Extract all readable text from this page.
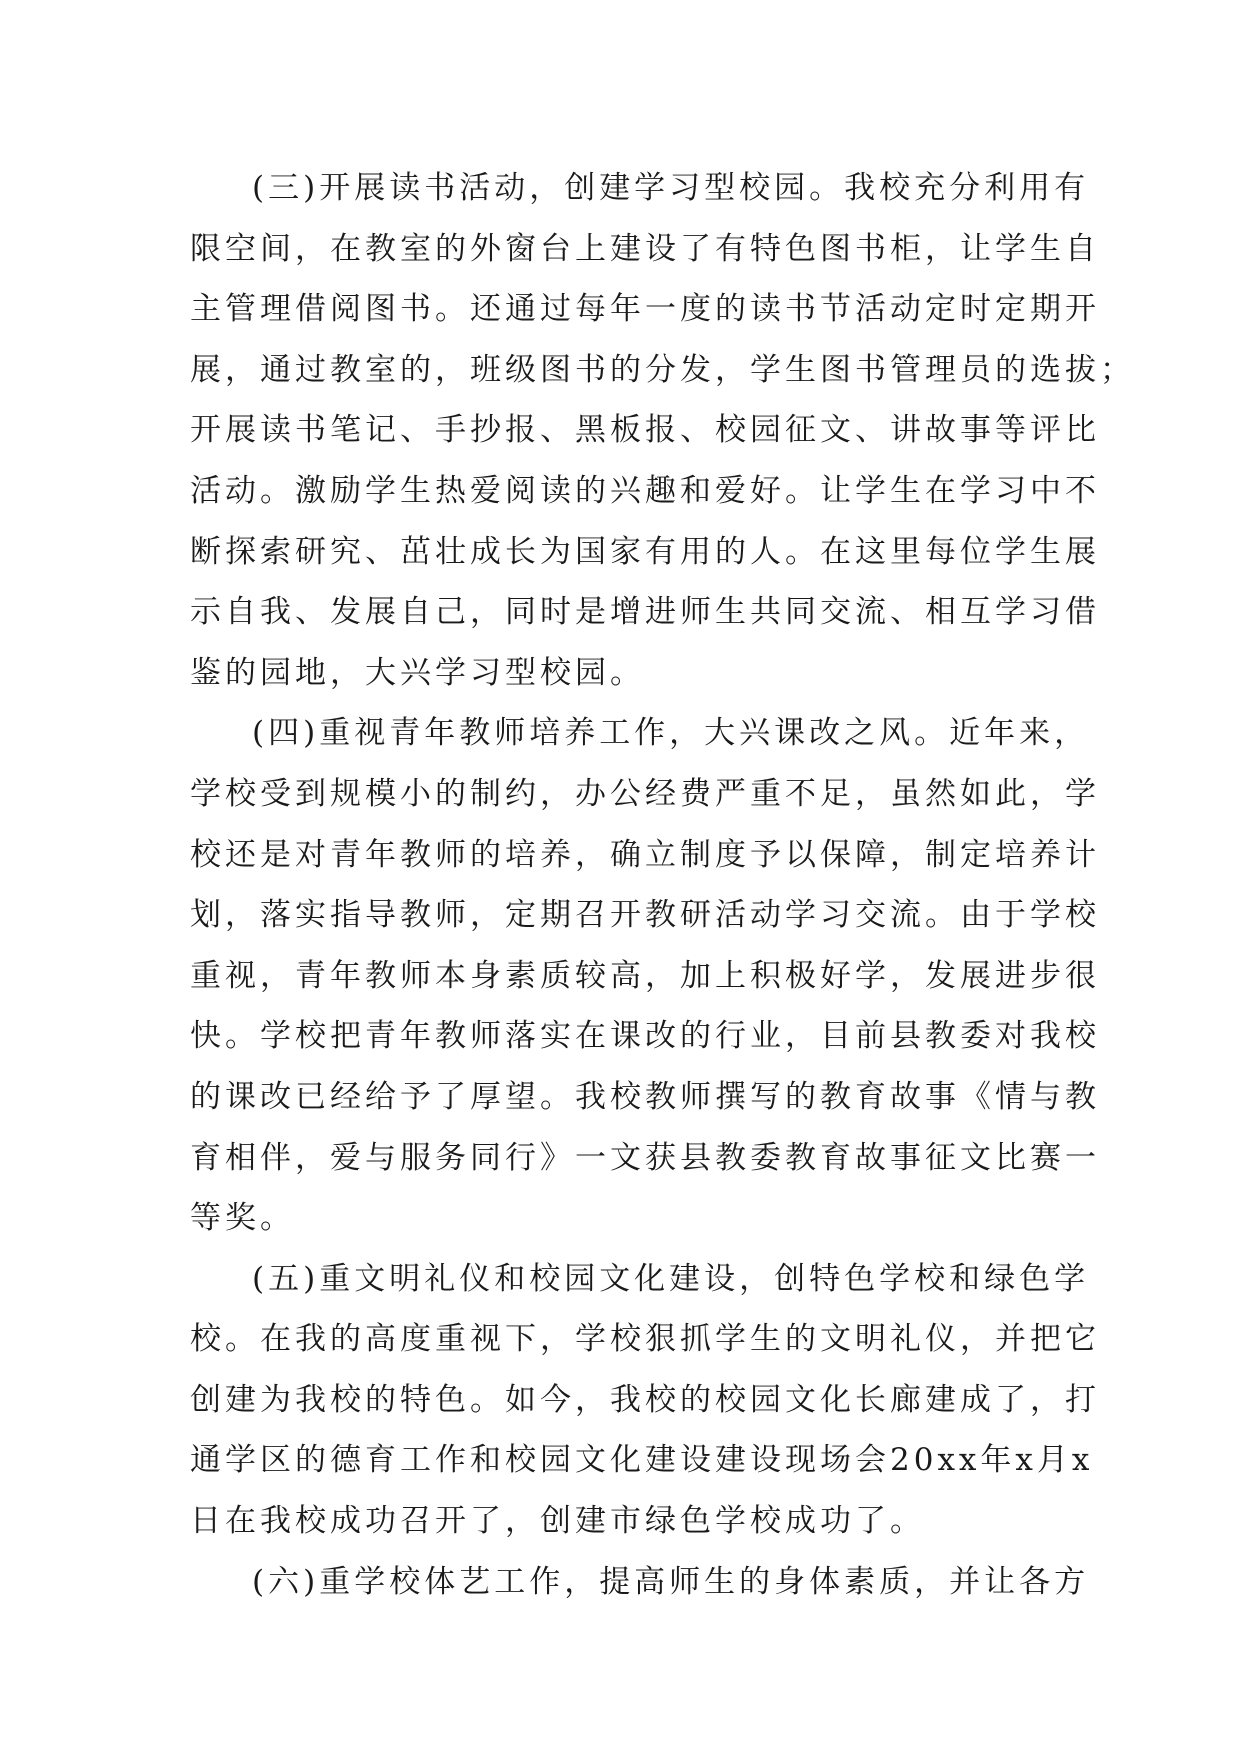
(三)开展读书活动，创建学习型校园。我校充分利用有
限空间，在教室的外窗台上建设了有特色图书柜，让学生自
主管理借阅图书。还通过每年一度的读书节活动定时定期开
展，通过教室的，班级图书的分发，学生图书管理员的选拔；
开展读书笔记、手抄报、黑板报、校园征文、讲故事等评比
活动。激励学生热爱阅读的兴趣和爱好。让学生在学习中不
断探索研究、茁壮成长为国家有用的人。在这里每位学生展
示自我、发展自己，同时是增进师生共同交流、相互学习借
鉴的园地，大兴学习型校园。
(四)重视青年教师培养工作，大兴课改之风。近年来，
学校受到规模小的制约，办公经费严重不足，虽然如此，学
校还是对青年教师的培养，确立制度予以保障，制定培养计
划，落实指导教师，定期召开教研活动学习交流。由于学校
重视，青年教师本身素质较高，加上积极好学，发展进步很
快。学校把青年教师落实在课改的行业，目前县教委对我校
的课改已经给予了厚望。我校教师撰写的教育故事《情与教
育相伴，爱与服务同行》一文获县教委教育故事征文比赛一
等奖。
(五)重文明礼仪和校园文化建设，创特色学校和绿色学
校。在我的高度重视下，学校狠抓学生的文明礼仪，并把它
创建为我校的特色。如今，我校的校园文化长廊建成了，打
通学区的德育工作和校园文化建设建设现场会20xx年x月x
日在我校成功召开了，创建市绿色学校成功了。
(六)重学校体艺工作，提高师生的身体素质，并让各方
